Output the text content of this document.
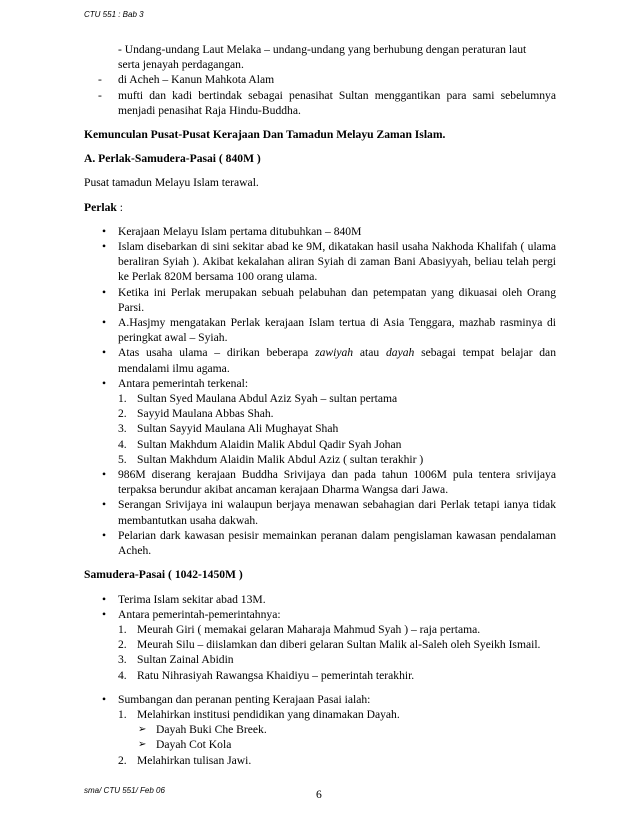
CTU 551 : Bab 3
- Undang-undang Laut Melaka – undang-undang yang berhubung dengan peraturan laut
serta jenayah perdagangan.
- di Acheh – Kanun Mahkota Alam
- mufti dan kadi bertindak sebagai penasihat Sultan menggantikan para sami sebelumnya menjadi penasihat Raja Hindu-Buddha.
Kemunculan Pusat-Pusat Kerajaan Dan Tamadun Melayu Zaman Islam.
A. Perlak-Samudera-Pasai ( 840M )
Pusat tamadun Melayu Islam terawal.
Perlak :
• Kerajaan Melayu Islam pertama ditubuhkan – 840M
• Islam disebarkan di sini sekitar abad ke 9M, dikatakan hasil usaha Nakhoda Khalifah ( ulama beraliran Syiah ). Akibat kekalahan aliran Syiah di zaman Bani Abasiyyah, beliau telah pergi ke Perlak 820M bersama 100 orang ulama.
• Ketika ini Perlak merupakan sebuah pelabuhan dan petempatan yang dikuasai oleh Orang Parsi.
• A.Hasjmy mengatakan Perlak kerajaan Islam tertua di Asia Tenggara, mazhab rasminya di peringkat awal – Syiah.
• Atas usaha ulama – dirikan beberapa zawiyah atau dayah sebagai tempat belajar dan mendalami ilmu agama.
• Antara pemerintah terkenal:
1. Sultan Syed Maulana Abdul Aziz Syah – sultan pertama
2. Sayyid Maulana Abbas Shah.
3. Sultan Sayyid Maulana Ali Mughayat Shah
4. Sultan Makhdum Alaidin Malik Abdul Qadir Syah Johan
5. Sultan Makhdum Alaidin Malik Abdul Aziz ( sultan terakhir )
• 986M diserang kerajaan Buddha Srivijaya dan pada tahun 1006M pula tentera srivijaya terpaksa berundur akibat ancaman kerajaan Dharma Wangsa dari Jawa.
• Serangan Srivijaya ini walaupun berjaya menawan sebahagian dari Perlak tetapi ianya tidak membantutkan usaha dakwah.
• Pelarian dark kawasan pesisir memainkan peranan dalam pengislaman kawasan pendalaman Acheh.
Samudera-Pasai ( 1042-1450M )
• Terima Islam sekitar abad 13M.
• Antara pemerintah-pemerintahnya:
1. Meurah Giri ( memakai gelaran Maharaja Mahmud Syah ) – raja pertama.
2. Meurah Silu – diislamkan dan diberi gelaran Sultan Malik al-Saleh oleh Syeikh Ismail.
3. Sultan Zainal Abidin
4. Ratu Nihrasiyah Rawangsa Khaidiyu – pemerintah terakhir.
• Sumbangan dan peranan penting Kerajaan Pasai ialah:
1. Melahirkan institusi pendidikan yang dinamakan Dayah.
➢ Dayah Buki Che Breek.
➢ Dayah Cot Kola
2. Melahirkan tulisan Jawi.
sma/ CTU 551/ Feb 06	6
